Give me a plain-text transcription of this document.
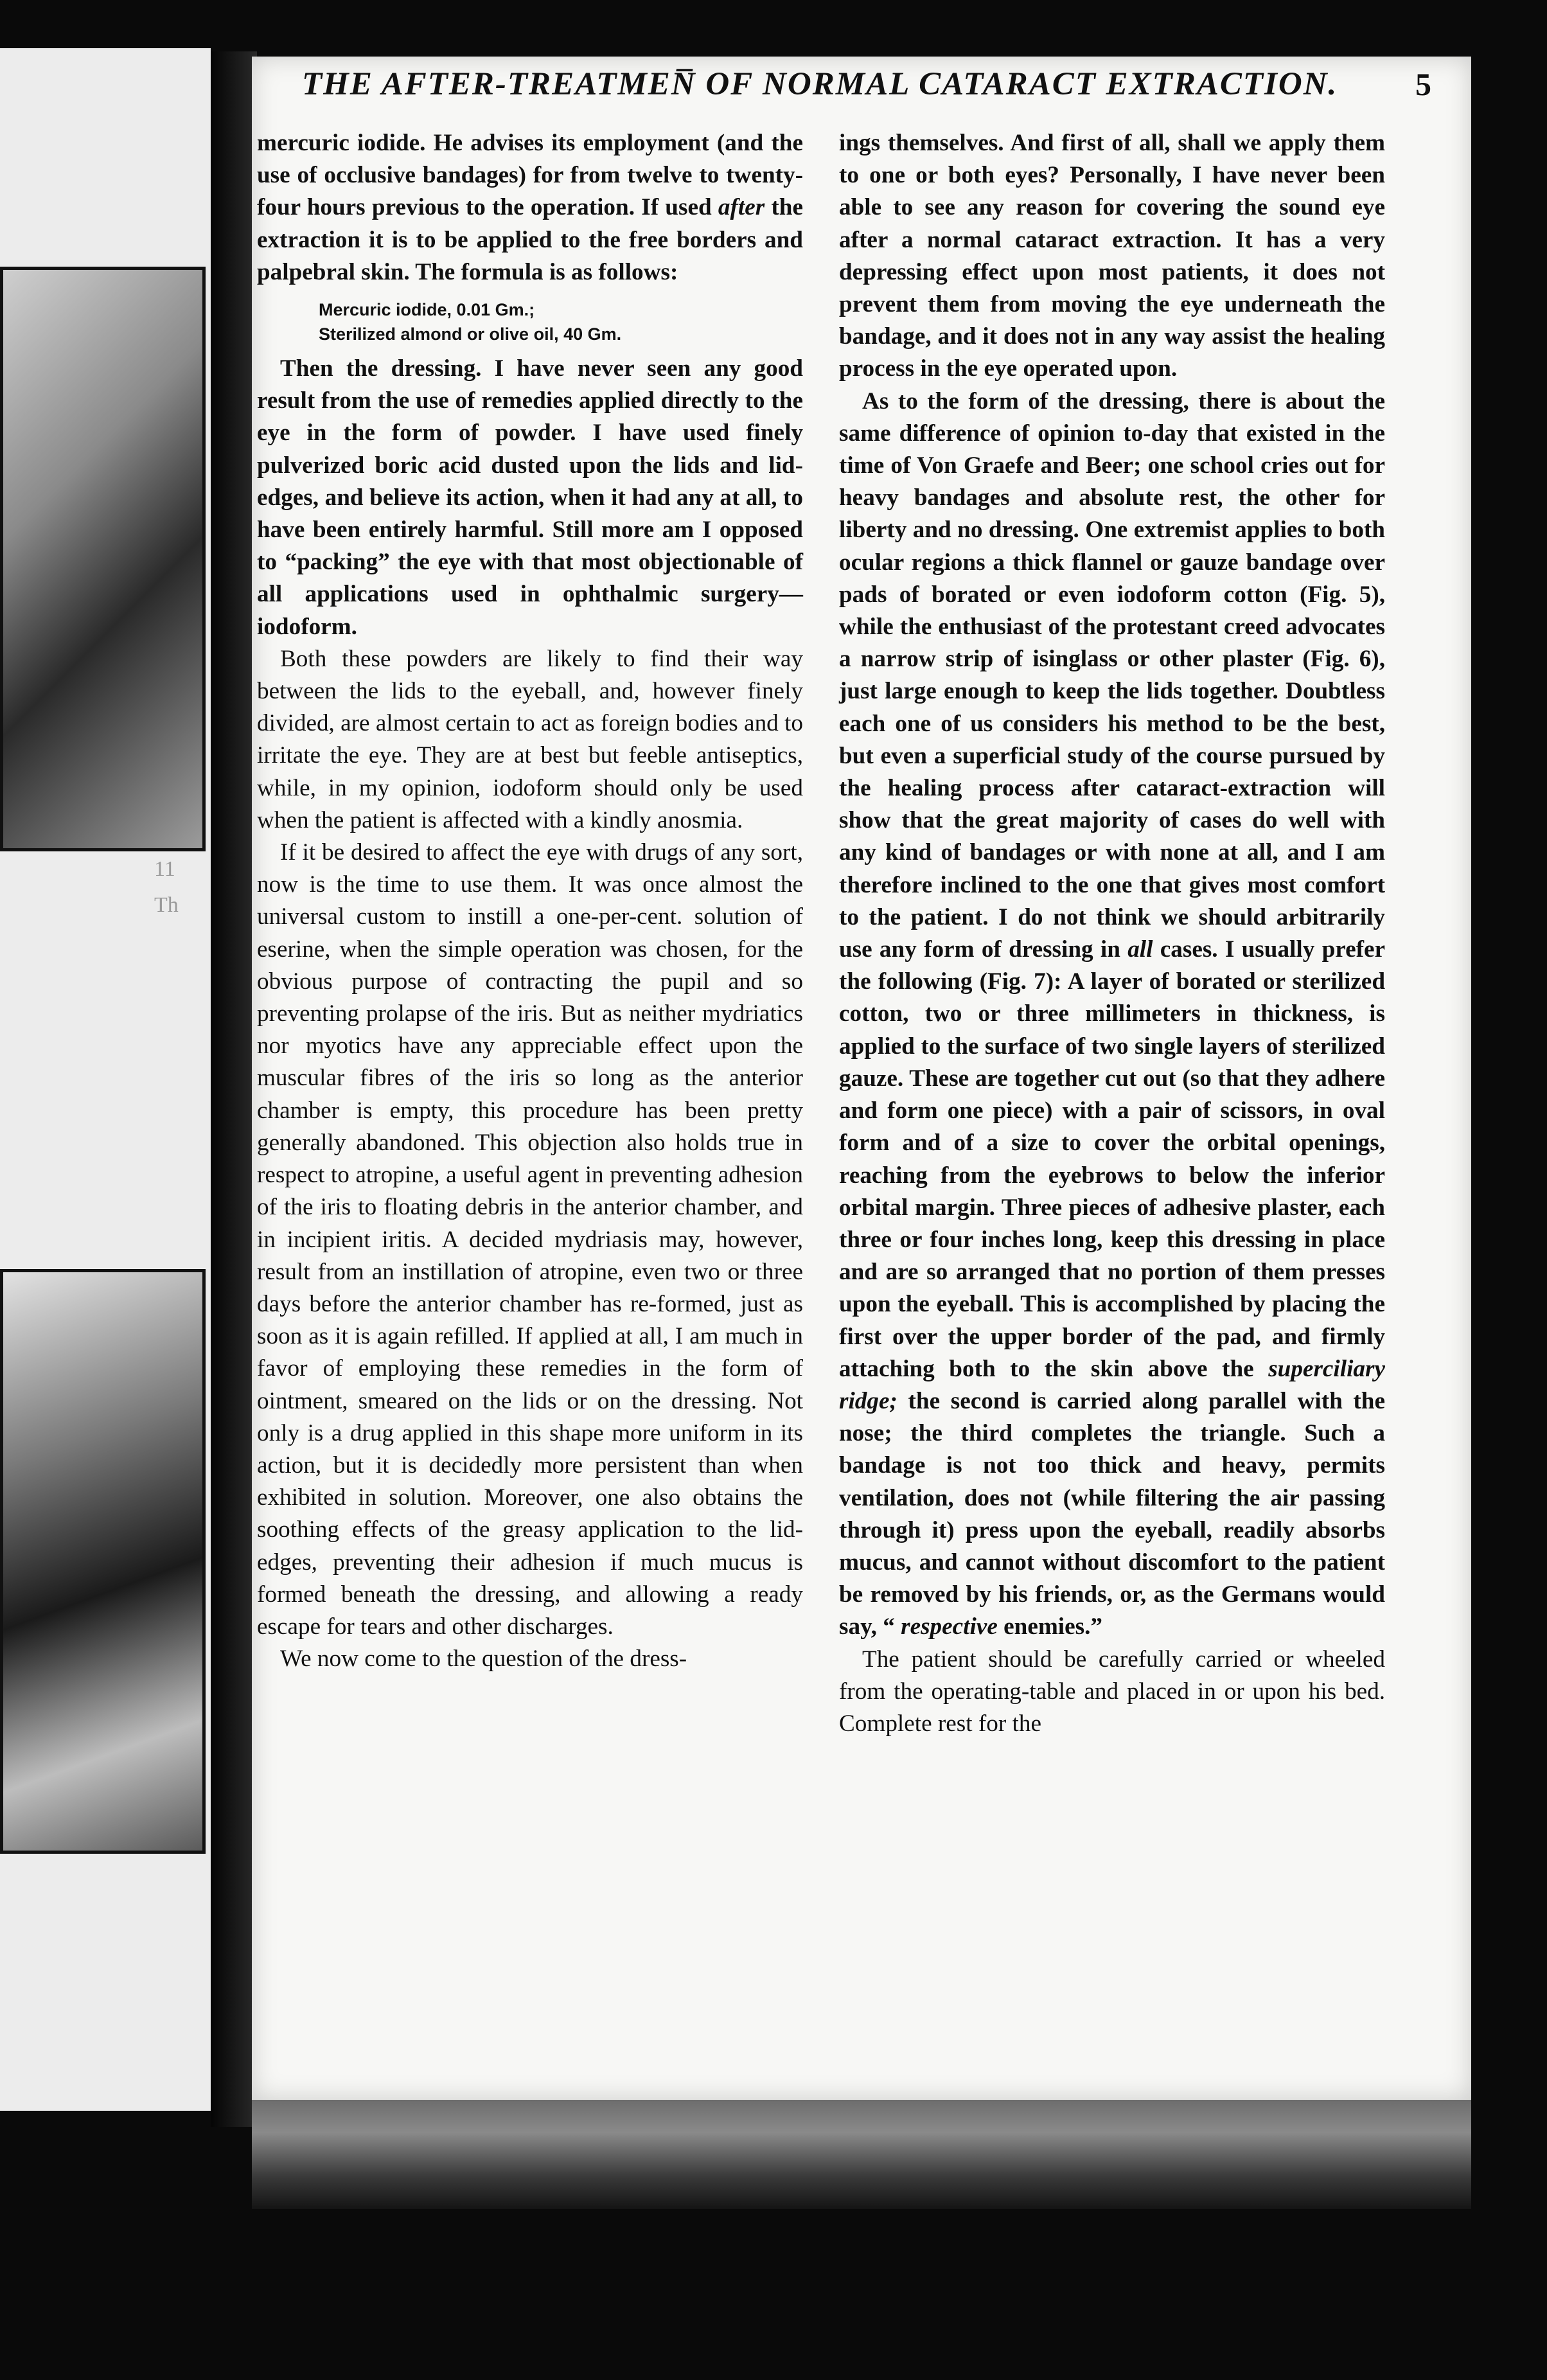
11 Th
THE AFTER-TREATMEN̅ OF NORMAL CATARACT EXTRACTION. 5

mercuric iodide. He advises its employment (and the use of occlusive bandages) for from twelve to twenty-four hours previous to the operation. If used after the extraction it is to be applied to the free borders and palpebral skin. The formula is as follows:

Mercuric iodide, 0.01 Gm.;
Sterilized almond or olive oil, 40 Gm.

Then the dressing. I have never seen any good result from the use of remedies applied directly to the eye in the form of powder. I have used finely pulverized boric acid dusted upon the lids and lid-edges, and believe its action, when it had any at all, to have been entirely harmful. Still more am I opposed to “packing” the eye with that most objectionable of all applications used in ophthalmic surgery—iodoform.

Both these powders are likely to find their way between the lids to the eyeball, and, however finely divided, are almost certain to act as foreign bodies and to irritate the eye. They are at best but feeble antiseptics, while, in my opinion, iodoform should only be used when the patient is affected with a kindly anosmia.

If it be desired to affect the eye with drugs of any sort, now is the time to use them. It was once almost the universal custom to instill a one-per-cent. solution of eserine, when the simple operation was chosen, for the obvious purpose of contracting the pupil and so preventing prolapse of the iris. But as neither mydriatics nor myotics have any appreciable effect upon the muscular fibres of the iris so long as the anterior chamber is empty, this procedure has been pretty generally abandoned. This objection also holds true in respect to atropine, a useful agent in preventing adhesion of the iris to floating debris in the anterior chamber, and in incipient iritis. A decided mydriasis may, however, result from an instillation of atropine, even two or three days before the anterior chamber has re-formed, just as soon as it is again refilled. If applied at all, I am much in favor of employing these remedies in the form of ointment, smeared on the lids or on the dressing. Not only is a drug applied in this shape more uniform in its action, but it is decidedly more persistent than when exhibited in solution. Moreover, one also obtains the soothing effects of the greasy application to the lid-edges, preventing their adhesion if much mucus is formed beneath the dressing, and allowing a ready escape for tears and other discharges.

We now come to the question of the dress-

ings themselves. And first of all, shall we apply them to one or both eyes? Personally, I have never been able to see any reason for covering the sound eye after a normal cataract extraction. It has a very depressing effect upon most patients, it does not prevent them from moving the eye underneath the bandage, and it does not in any way assist the healing process in the eye operated upon.

As to the form of the dressing, there is about the same difference of opinion to-day that existed in the time of Von Graefe and Beer; one school cries out for heavy bandages and absolute rest, the other for liberty and no dressing. One extremist applies to both ocular regions a thick flannel or gauze bandage over pads of borated or even iodoform cotton (Fig. 5), while the enthusiast of the protestant creed advocates a narrow strip of isinglass or other plaster (Fig. 6), just large enough to keep the lids together. Doubtless each one of us considers his method to be the best, but even a superficial study of the course pursued by the healing process after cataract-extraction will show that the great majority of cases do well with any kind of bandages or with none at all, and I am therefore inclined to the one that gives most comfort to the patient. I do not think we should arbitrarily use any form of dressing in all cases. I usually prefer the following (Fig. 7): A layer of borated or sterilized cotton, two or three millimeters in thickness, is applied to the surface of two single layers of sterilized gauze. These are together cut out (so that they adhere and form one piece) with a pair of scissors, in oval form and of a size to cover the orbital openings, reaching from the eyebrows to below the inferior orbital margin. Three pieces of adhesive plaster, each three or four inches long, keep this dressing in place and are so arranged that no portion of them presses upon the eyeball. This is accomplished by placing the first over the upper border of the pad, and firmly attaching both to the skin above the superciliary ridge; the second is carried along parallel with the nose; the third completes the triangle. Such a bandage is not too thick and heavy, permits ventilation, does not (while filtering the air passing through it) press upon the eyeball, readily absorbs mucus, and cannot without discomfort to the patient be removed by his friends, or, as the Germans would say, “ respective enemies.”

The patient should be carefully carried or wheeled from the operating-table and placed in or upon his bed. Complete rest for the
